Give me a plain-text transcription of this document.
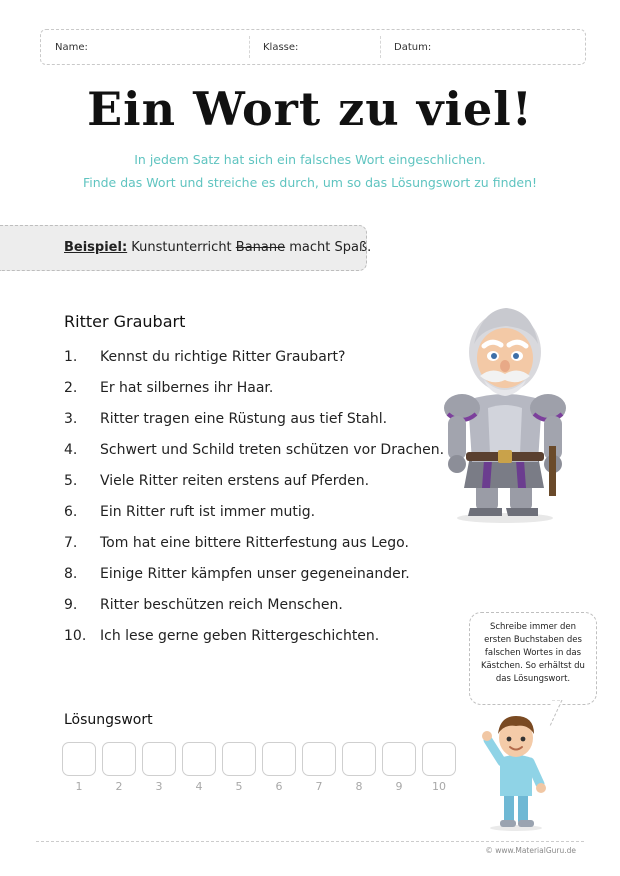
Name:	Klasse:	Datum:
Ein Wort zu viel!
In jedem Satz hat sich ein falsches Wort eingeschlichen.
Finde das Wort und streiche es durch, um so das Lösungswort zu finden!
Beispiel: Kunstunterricht Banane macht Spaß.
Ritter Graubart
1. Kennst du richtige Ritter Graubart?
2. Er hat silbernes ihr Haar.
3. Ritter tragen eine Rüstung aus tief Stahl.
4. Schwert und Schild treten schützen vor Drachen.
5. Viele Ritter reiten erstens auf Pferden.
6. Ein Ritter ruft ist immer mutig.
7. Tom hat eine bittere Ritterfestung aus Lego.
8. Einige Ritter kämpfen unser gegeneinander.
9. Ritter beschützen reich Menschen.
10. Ich lese gerne geben Rittergeschichten.
Schreibe immer den
ersten Buchstaben des
falschen Wortes in das
Kästchen. So erhältst du
das Lösungswort.
Lösungswort
1	2	3	4	5	6	7	8	9	10
© www.MaterialGuru.de
